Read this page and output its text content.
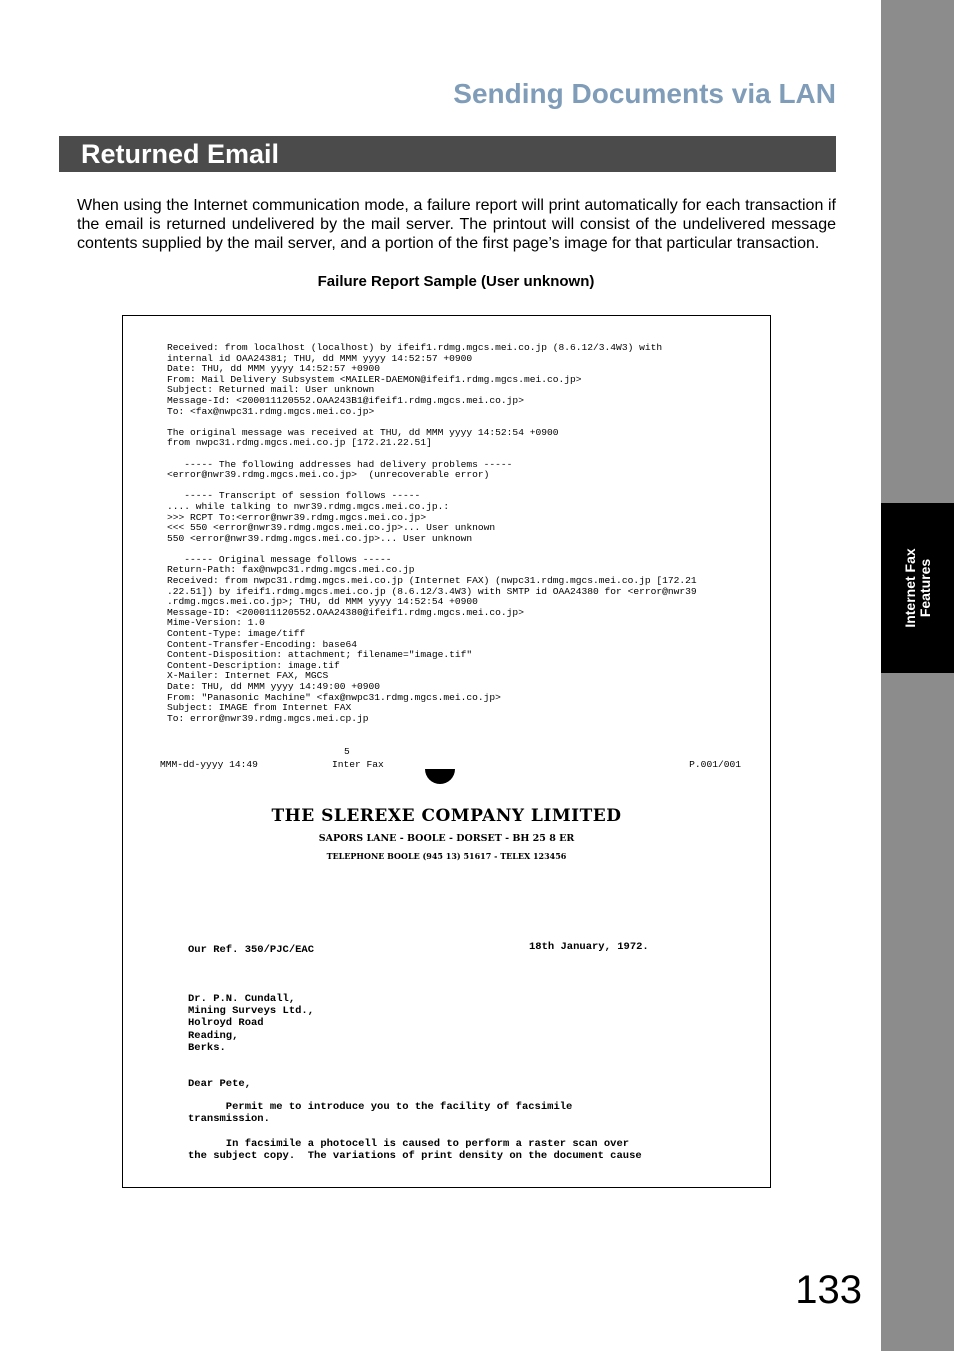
Internet Fax Features
Sending Documents via LAN
Returned Email
When using the Internet communication mode, a failure report will print automatically for each transaction if the email is returned undelivered by the mail server. The printout will consist of the undelivered message contents supplied by the mail server, and a portion of the first page’s image for that particular transaction.
Failure Report Sample (User unknown)
Received: from localhost (localhost) by ifeif1.rdmg.mgcs.mei.co.jp (8.6.12/3.4W3) with
internal id OAA24381; THU, dd MMM yyyy 14:52:57 +0900
Date: THU, dd MMM yyyy 14:52:57 +0900
From: Mail Delivery Subsystem <MAILER-DAEMON@ifeif1.rdmg.mgcs.mei.co.jp>
Subject: Returned mail: User unknown
Message-Id: <200011120552.OAA243B1@ifeif1.rdmg.mgcs.mei.co.jp>
To: <fax@nwpc31.rdmg.mgcs.mei.co.jp>

The original message was received at THU, dd MMM yyyy 14:52:54 +0900
from nwpc31.rdmg.mgcs.mei.co.jp [172.21.22.51]

----- The following addresses had delivery problems -----
<error@nwr39.rdmg.mgcs.mei.co.jp>  (unrecoverable error)

----- Transcript of session follows -----
.... while talking to nwr39.rdmg.mgcs.mei.co.jp.:
>>> RCPT To:<error@nwr39.rdmg.mgcs.mei.co.jp>
<<< 550 <error@nwr39.rdmg.mgcs.mei.co.jp>... User unknown
550 <error@nwr39.rdmg.mgcs.mei.co.jp>... User unknown

----- Original message follows -----
Return-Path: fax@nwpc31.rdmg.mgcs.mei.co.jp
Received: from nwpc31.rdmg.mgcs.mei.co.jp (Internet FAX) (nwpc31.rdmg.mgcs.mei.co.jp [172.21
.22.51]) by ifeif1.rdmg.mgcs.mei.co.jp (8.6.12/3.4W3) with SMTP id OAA24380 for <error@nwr39
.rdmg.mgcs.mei.co.jp>; THU, dd MMM yyyy 14:52:54 +0900
Message-ID: <200011120552.OAA24380@ifeif1.rdmg.mgcs.mei.co.jp>
Mime-Version: 1.0
Content-Type: image/tiff
Content-Transfer-Encoding: base64
Content-Disposition: attachment; filename="image.tif"
Content-Description: image.tif
X-Mailer: Internet FAX, MGCS
Date: THU, dd MMM yyyy 14:49:00 +0900
From: "Panasonic Machine" <fax@nwpc31.rdmg.mgcs.mei.co.jp>
Subject: IMAGE from Internet FAX
To: error@nwr39.rdmg.mgcs.mei.cp.jp
5
MMM-dd-yyyy 14:49	Inter Fax	P.001/001
THE SLEREXE COMPANY LIMITED
SAPORS LANE - BOOLE - DORSET - BH 25 8 ER
TELEPHONE BOOLE (945 13) 51617 - TELEX 123456
Our Ref. 350/PJC/EAC	18th January, 1972.
Dr. P.N. Cundall,
Mining Surveys Ltd.,
Holroyd Road
Reading,
Berks.
Dear Pete,
Permit me to introduce you to the facility of facsimile
transmission.
In facsimile a photocell is caused to perform a raster scan over
the subject copy.  The variations of print density on the document cause
133
